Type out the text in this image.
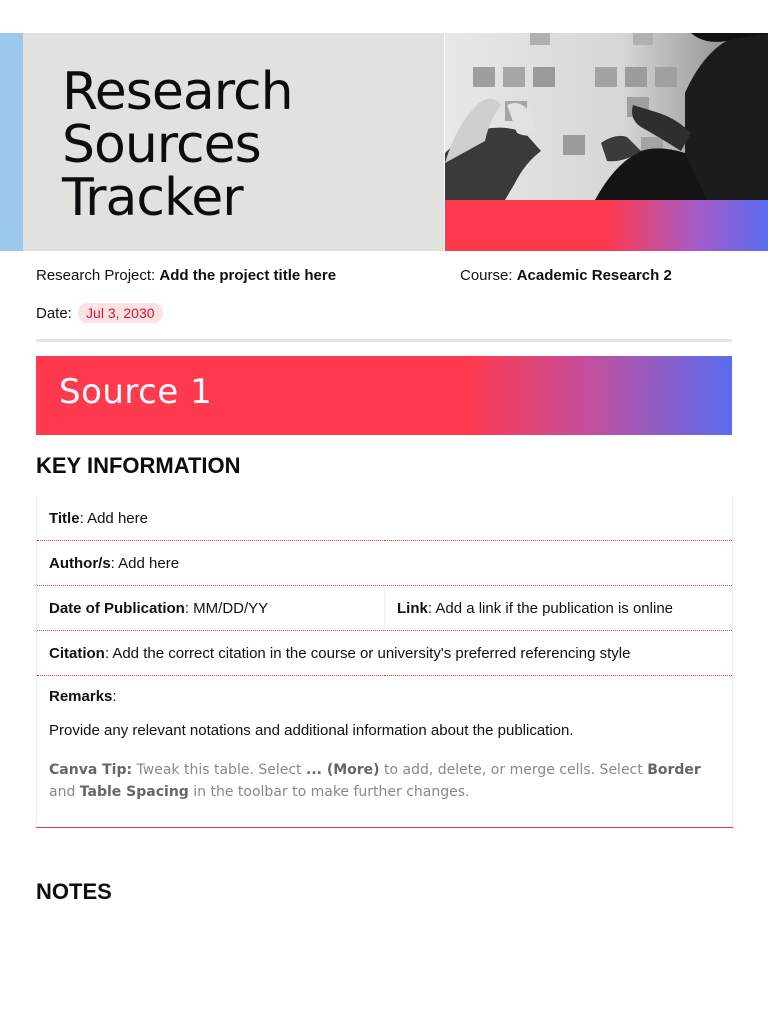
Research
Sources
Tracker
Research Project: Add the project title here	Course: Academic Research 2
Date: Jul 3, 2030
Source 1
KEY INFORMATION
Title: Add here
Author/s: Add here
Date of Publication: MM/DD/YY	Link: Add a link if the publication is online
Citation: Add the correct citation in the course or university's preferred referencing style

Remarks:

Provide any relevant notations and additional information about the publication.

Canva Tip: Tweak this table. Select ... (More) to add, delete, or merge cells. Select Border and Table Spacing in the toolbar to make further changes.

NOTES
